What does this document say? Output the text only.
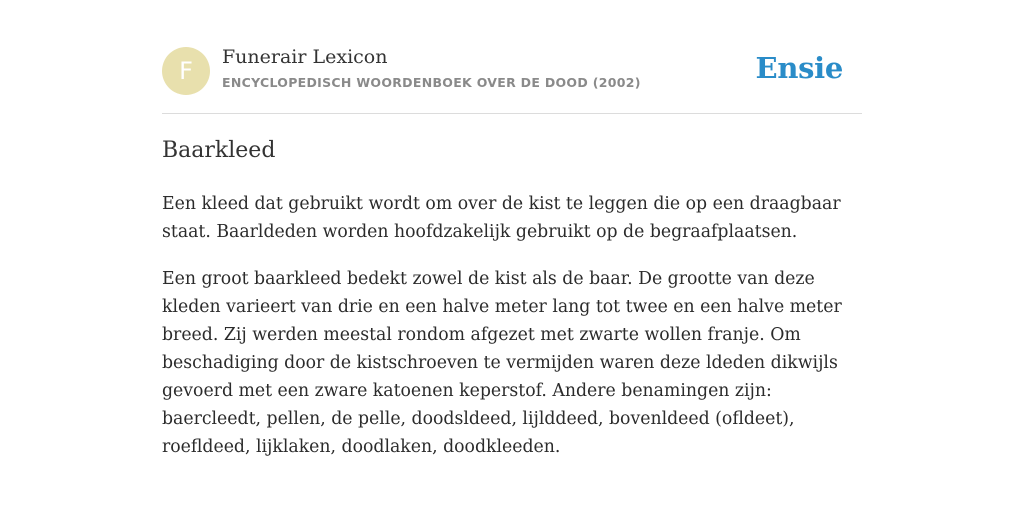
F	Funerair Lexicon
ENCYCLOPEDISCH WOORDENBOEK OVER DE DOOD (2002)	Ensie
Baarkleed

Een kleed dat gebruikt wordt om over de kist te leggen die op een draagbaar staat. Baarldeden worden hoofdzakelijk gebruikt op de begraafplaatsen.

Een groot baarkleed bedekt zowel de kist als de baar. De grootte van deze kleden varieert van drie en een halve meter lang tot twee en een halve meter breed. Zij werden meestal rondom afgezet met zwarte wollen franje. Om beschadiging door de kistschroeven te vermijden waren deze ldeden dikwijls gevoerd met een zware katoenen keperstof. Andere benamingen zijn: baercleedt, pellen, de pelle, doodsldeed, lijlddeed, bovenldeed (ofldeet), roefldeed, lijklaken, doodlaken, doodkleeden.
